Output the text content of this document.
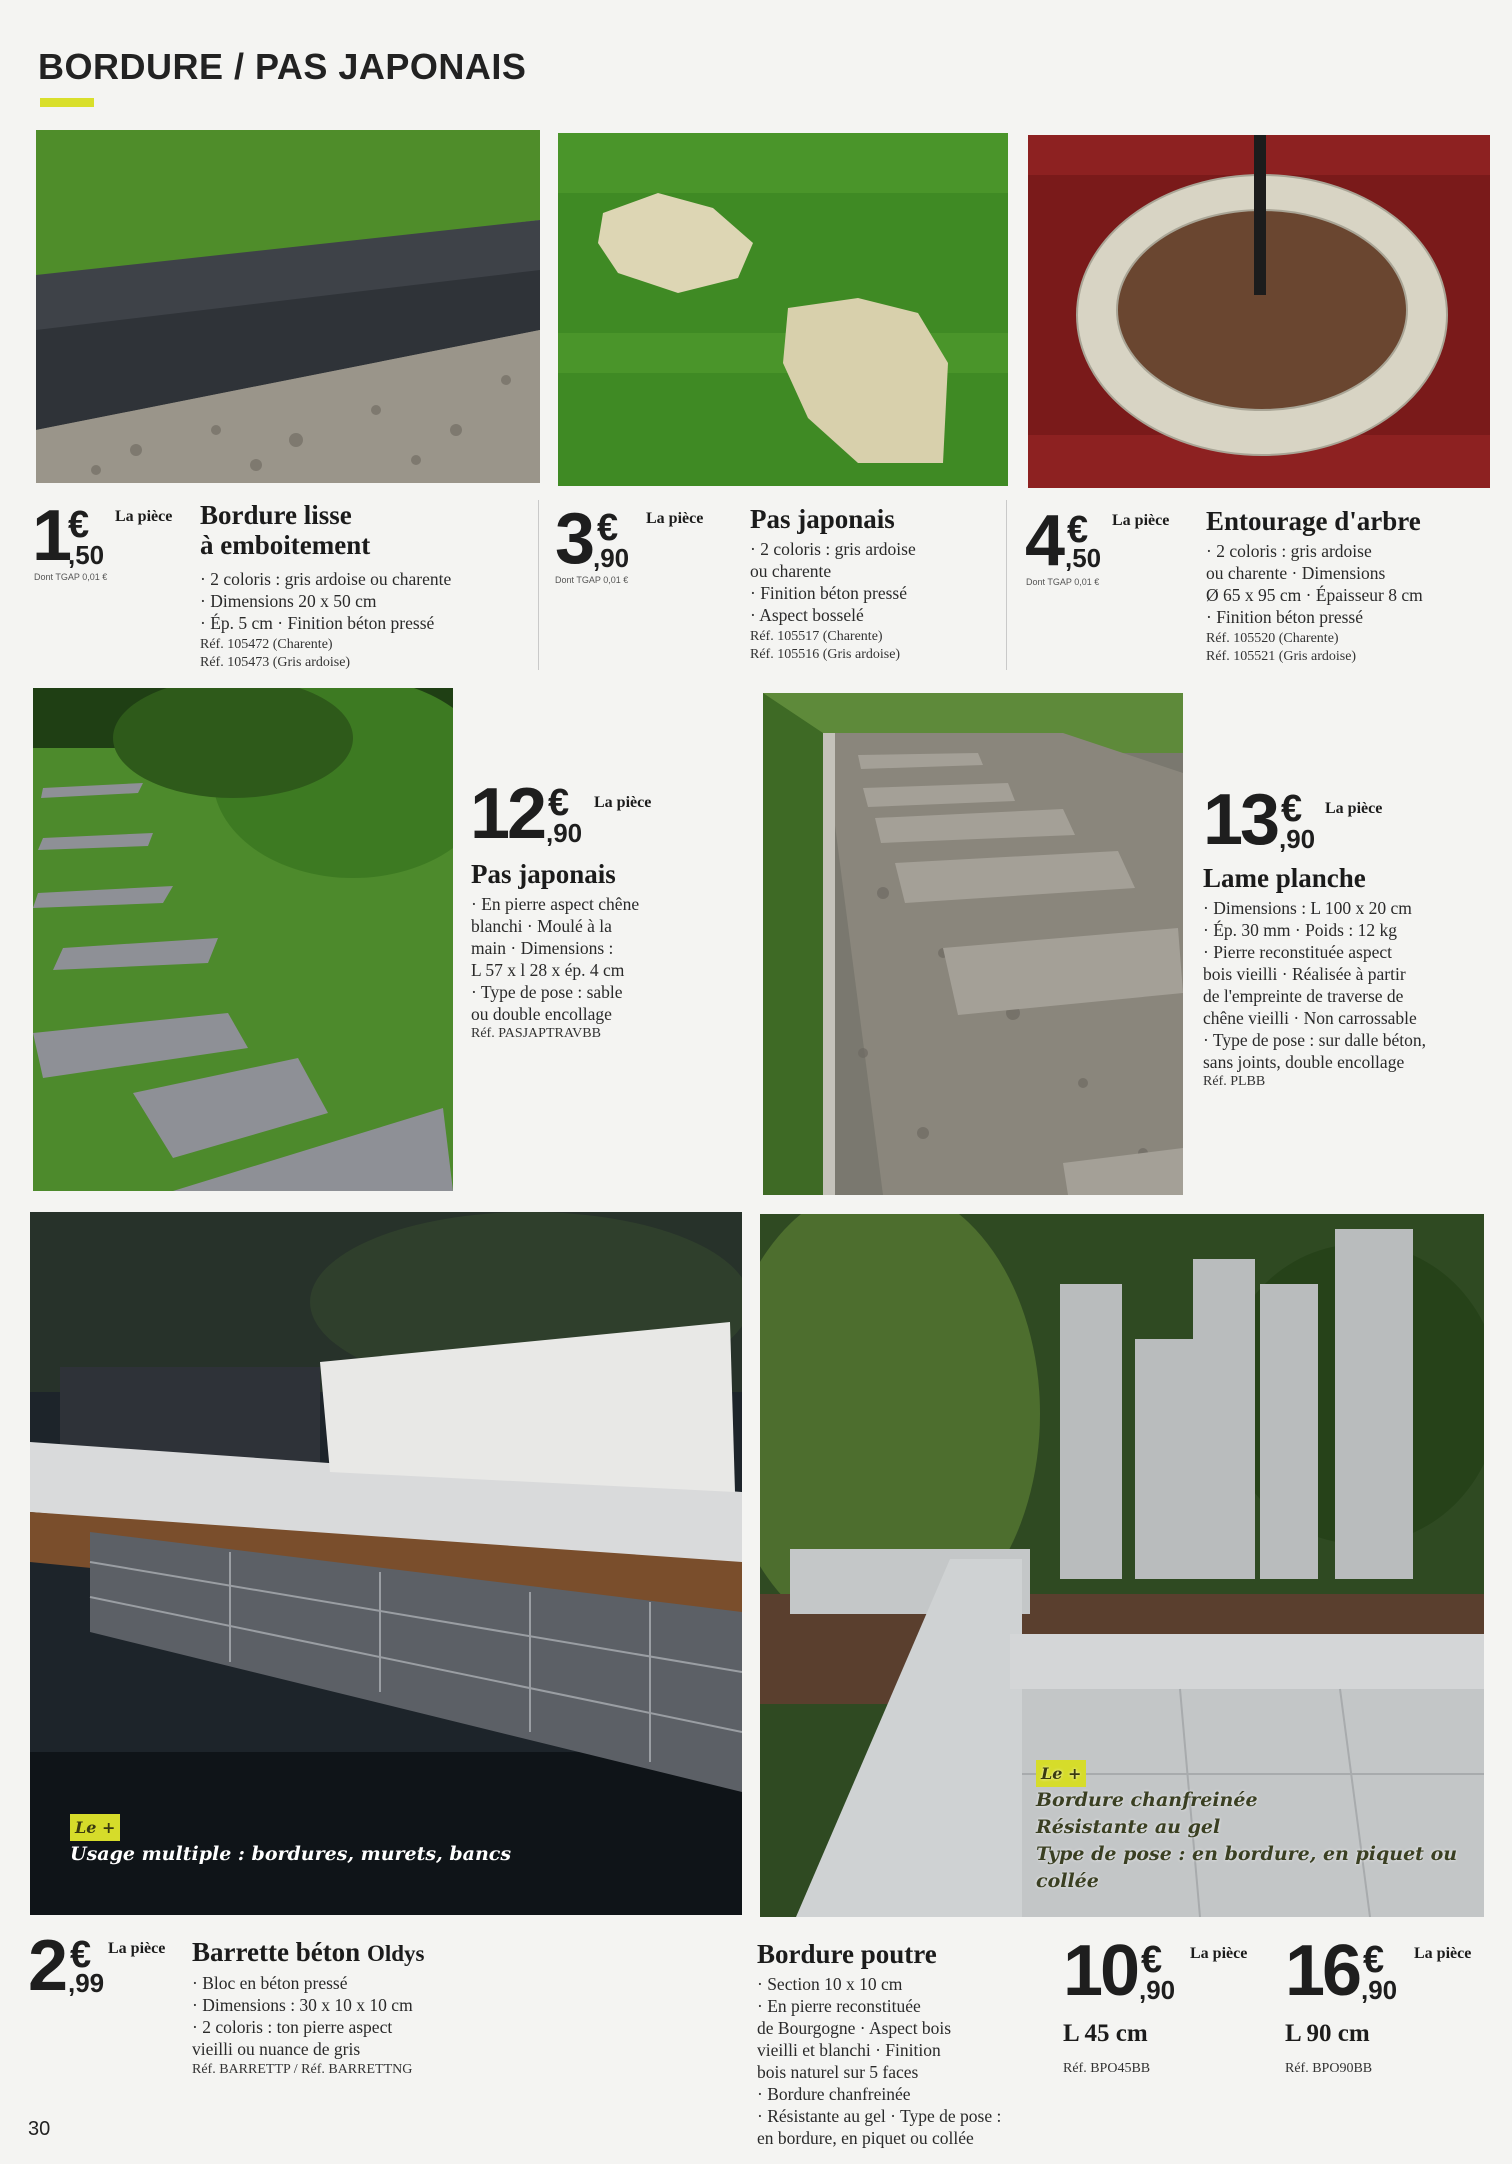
BORDURE / PAS JAPONAIS
1
€
,50
La pièce
Dont TGAP 0,01 €
Bordure lisse
à emboitement
· 2 coloris : gris ardoise ou charente
· Dimensions 20 x 50 cm
· Ép. 5 cm · Finition béton pressé
Réf. 105472 (Charente)
Réf. 105473 (Gris ardoise)
3 €
,90
La pièce
Dont TGAP 0,01 €
Pas japonais
· 2 coloris : gris ardoise
ou charente
· Finition béton pressé
· Aspect bosselé
Réf. 105517 (Charente)
Réf. 105516 (Gris ardoise)
4 €
,50
La pièce
Dont TGAP 0,01 €
Entourage d'arbre
· 2 coloris : gris ardoise
ou charente · Dimensions
Ø 65 x 95 cm · Épaisseur 8 cm
· Finition béton pressé
Réf. 105520 (Charente)
Réf. 105521 (Gris ardoise)
12 €
,90
La pièce
Pas japonais
· En pierre aspect chêne
blanchi · Moulé à la
main · Dimensions :
L 57 x l 28 x ép. 4 cm
· Type de pose : sable
ou double encollage
Réf. PASJAPTRAVBB
13 €
,90
La pièce
Lame planche
· Dimensions : L 100 x 20 cm
· Ép. 30 mm · Poids : 12 kg
· Pierre reconstituée aspect
bois vieilli · Réalisée à partir
de l'empreinte de traverse de
chêne vieilli · Non carrossable
· Type de pose : sur dalle béton,
sans joints, double encollage
Réf. PLBB
Le +
Usage multiple : bordures, murets, bancs
Le +
Bordure chanfreinée
Résistante au gel
Type de pose : en bordure, en piquet ou collée
2 €
,99
La pièce Barrette béton Oldys
· Bloc en béton pressé
· Dimensions : 30 x 10 x 10 cm
· 2 coloris : ton pierre aspect
vieilli ou nuance de gris
Réf. BARRETTP / Réf. BARRETTNG
Bordure poutre
· Section 10 x 10 cm
· En pierre reconstituée
de Bourgogne · Aspect bois
vieilli et blanchi · Finition
bois naturel sur 5 faces
· Bordure chanfreinée
· Résistante au gel · Type de pose :
en bordure, en piquet ou collée
10 €
,90
La pièce
L 45 cm
Réf. BPO45BB
16 €
,90
La pièce
L 90 cm
Réf. BPO90BB
30
